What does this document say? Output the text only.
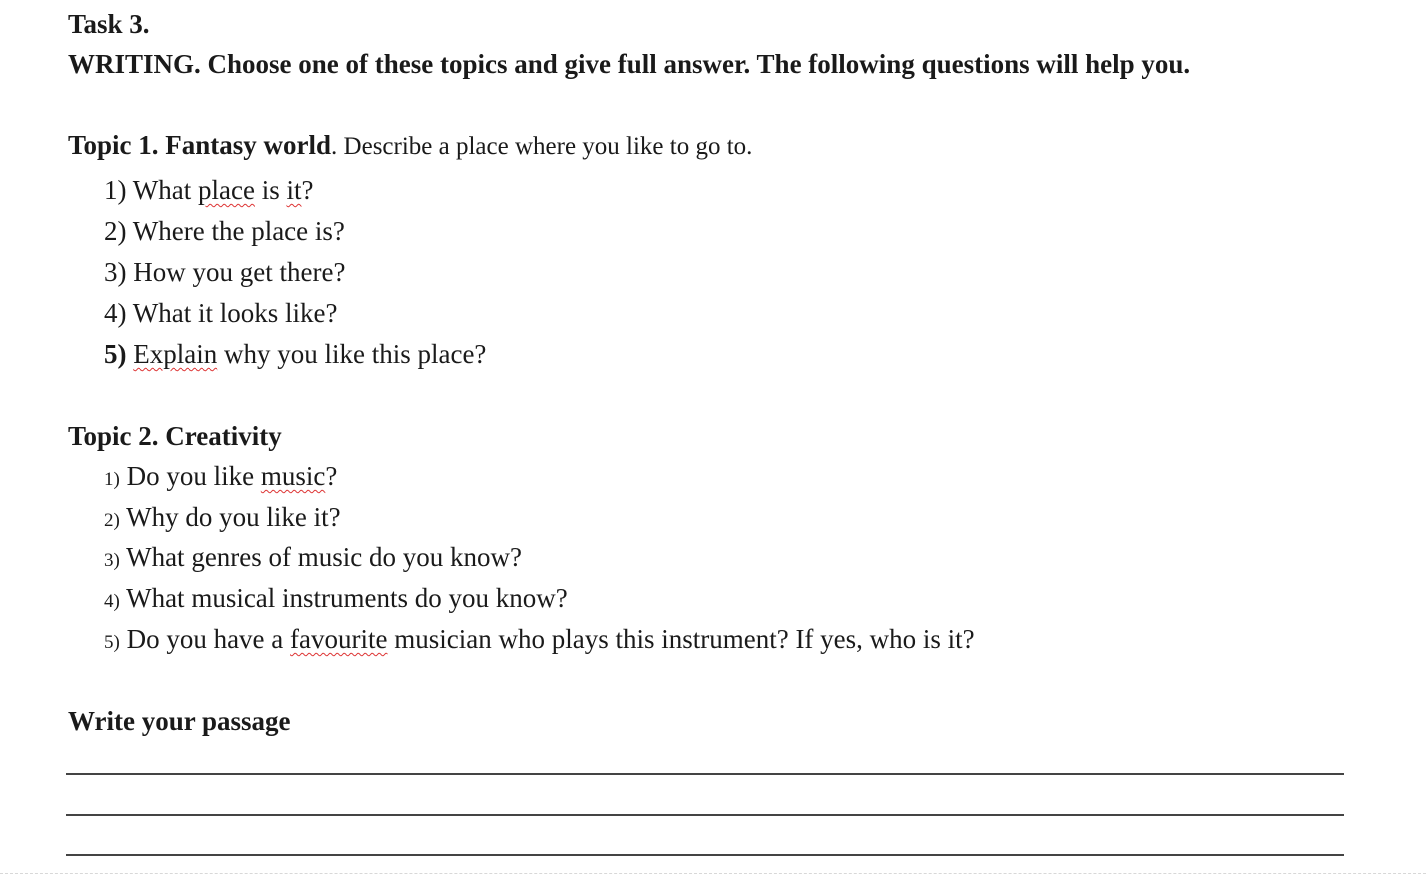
Task 3.
WRITING. Choose one of these topics and give full answer. The following questions will help you.
Topic 1. Fantasy world. Describe a place where you like to go to.
1) What place is it?
2) Where the place is?
3) How you get there?
4) What it looks like?
5) Explain why you like this place?
Topic 2. Creativity
1) Do you like music?
2) Why do you like it?
3) What genres of music do you know?
4) What musical instruments do you know?
5) Do you have a favourite musician who plays this instrument? If yes, who is it?
Write your passage
